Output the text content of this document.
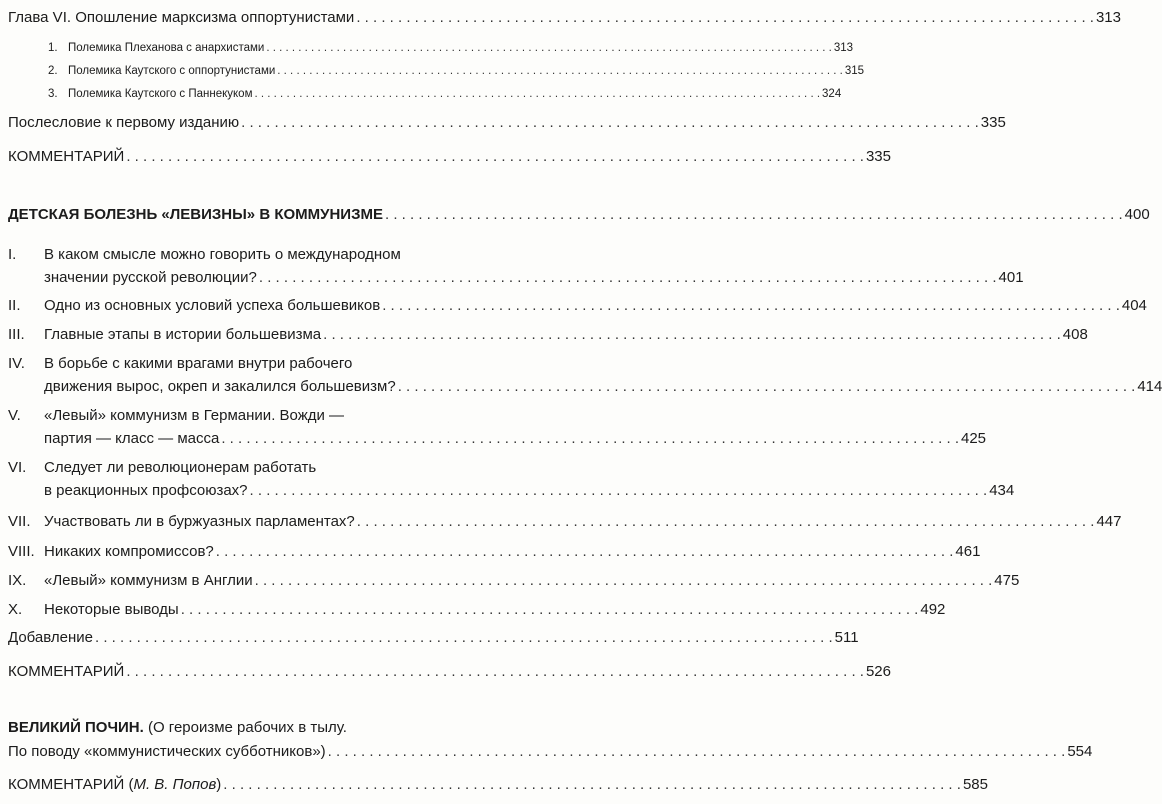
Глава VI. Опошление марксизма оппортунистами . . .	313
1. Полемика Плеханова с анархистами . . .	313
2. Полемика Каутского с оппортунистами . . .	315
3. Полемика Каутского с Паннекуком . . .	324
Послесловие к первому изданию . . .	335
КОММЕНТАРИЙ . . .	335
ДЕТСКАЯ БОЛЕЗНЬ «ЛЕВИЗНЫ» В КОММУНИЗМЕ . . .	400
I.	В каком смысле можно говорить о международном
значении русской революции? . . .	401
II.	Одно из основных условий успеха большевиков . . .	404
III.	Главные этапы в истории большевизма . . .	408
IV.	В борьбе с какими врагами внутри рабочего
движения вырос, окреп и закалился большевизм? . . .	414
V.	«Левый» коммунизм в Германии. Вожди —
партия — класс — масса . . .	425
VI.	Следует ли революционерам работать
в реакционных профсоюзах? . . .	434
VII. Участвовать ли в буржуазных парламентах? . . .	447
VIII. Никаких компромиссов? . . .	461
IX.	«Левый» коммунизм в Англии . . .	475
X.	Некоторые выводы . . .	492
Добавление . . .	511
КОММЕНТАРИЙ . . .	526
ВЕЛИКИЙ ПОЧИН. (О героизме рабочих в тылу.
По поводу «коммунистических субботников») . . .	554
КОММЕНТАРИЙ (М. В. Попов) . . .	585
